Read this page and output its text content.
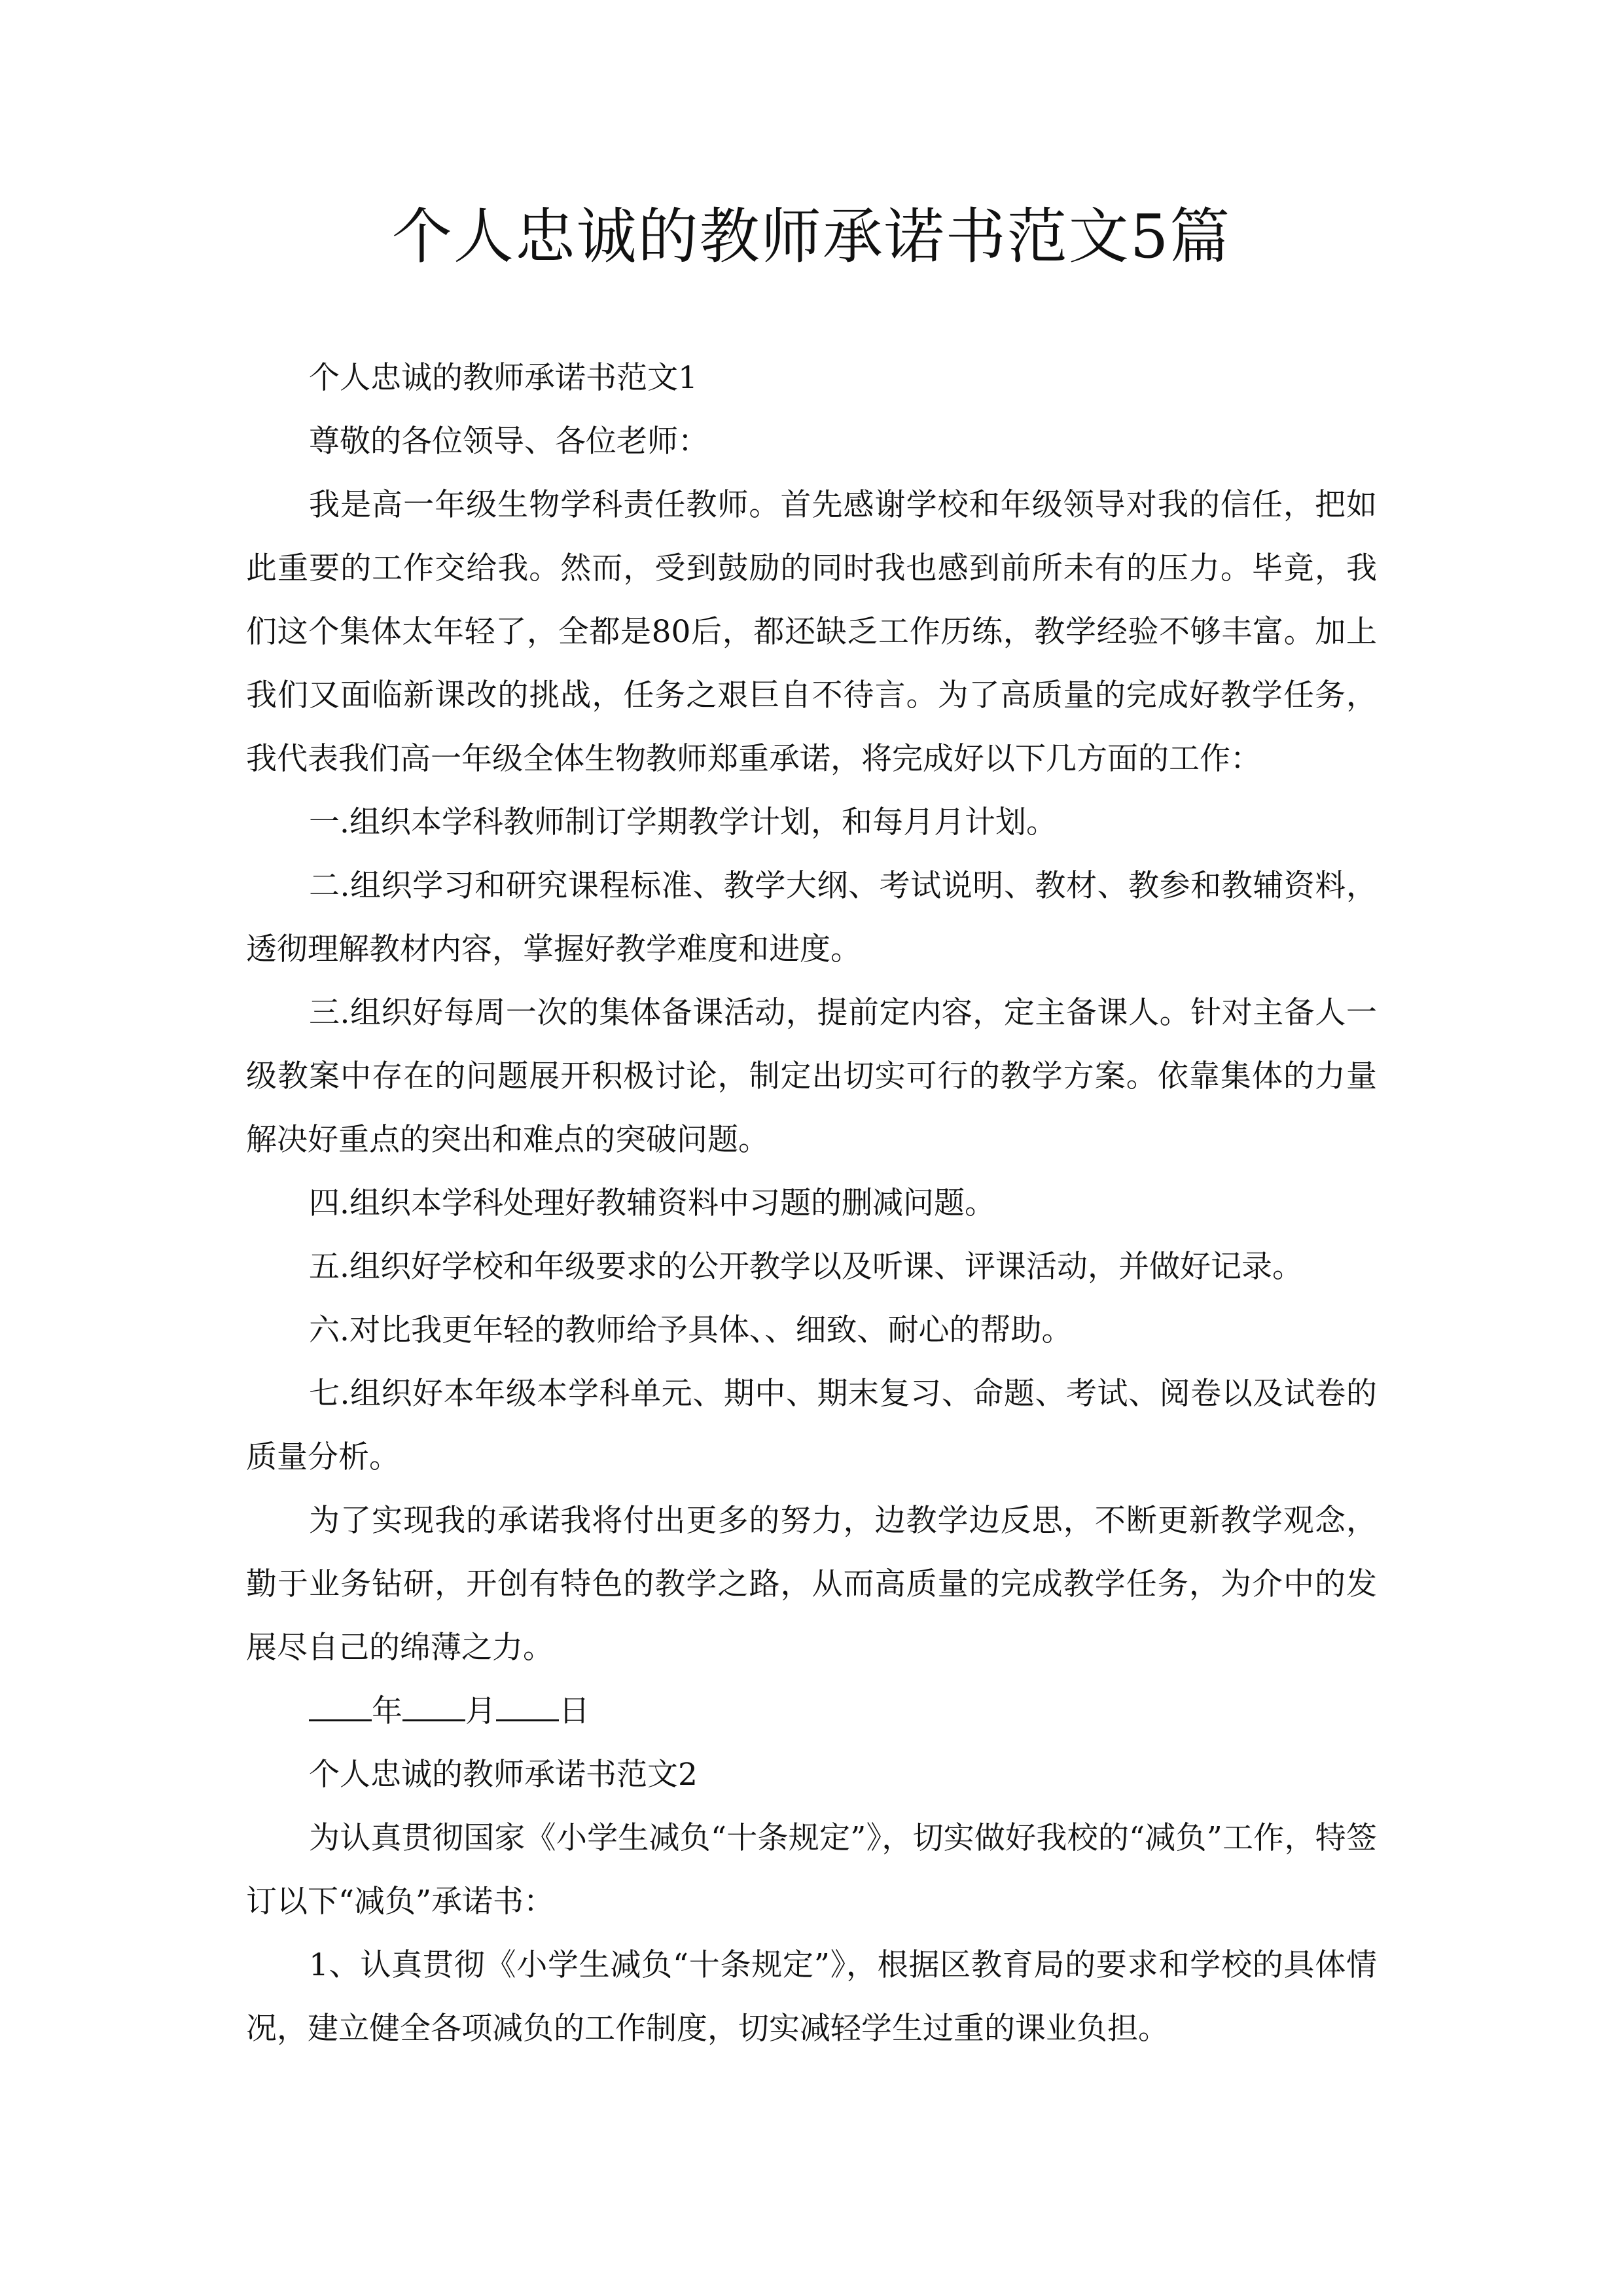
个人忠诚的教师承诺书范文5篇

个人忠诚的教师承诺书范文1

尊敬的各位领导、各位老师：

我是高一年级生物学科责任教师。首先感谢学校和年级领导对我的信任，把如此重要的工作交给我。然而，受到鼓励的同时我也感到前所未有的压力。毕竟，我们这个集体太年轻了，全都是80后，都还缺乏工作历练，教学经验不够丰富。加上我们又面临新课改的挑战，任务之艰巨自不待言。为了高质量的完成好教学任务，我代表我们高一年级全体生物教师郑重承诺，将完成好以下几方面的工作：

一.组织本学科教师制订学期教学计划，和每月月计划。

二.组织学习和研究课程标准、教学大纲、考试说明、教材、教参和教辅资料，透彻理解教材内容，掌握好教学难度和进度。

三.组织好每周一次的集体备课活动，提前定内容，定主备课人。针对主备人一级教案中存在的问题展开积极讨论，制定出切实可行的教学方案。依靠集体的力量解决好重点的突出和难点的突破问题。

四.组织本学科处理好教辅资料中习题的删减问题。

五.组织好学校和年级要求的公开教学以及听课、评课活动，并做好记录。

六.对比我更年轻的教师给予具体、、细致、耐心的帮助。

七.组织好本年级本学科单元、期中、期末复习、命题、考试、阅卷以及试卷的质量分析。

为了实现我的承诺我将付出更多的努力，边教学边反思，不断更新教学观念，勤于业务钻研，开创有特色的教学之路，从而高质量的完成教学任务，为介中的发展尽自己的绵薄之力。

年 月 日

个人忠诚的教师承诺书范文2

为认真贯彻国家《小学生减负“十条规定”》，切实做好我校的“减负”工作，特签订以下“减负”承诺书：

1、认真贯彻《小学生减负“十条规定”》，根据区教育局的要求和学校的具体情况，建立健全各项减负的工作制度，切实减轻学生过重的课业负担。
